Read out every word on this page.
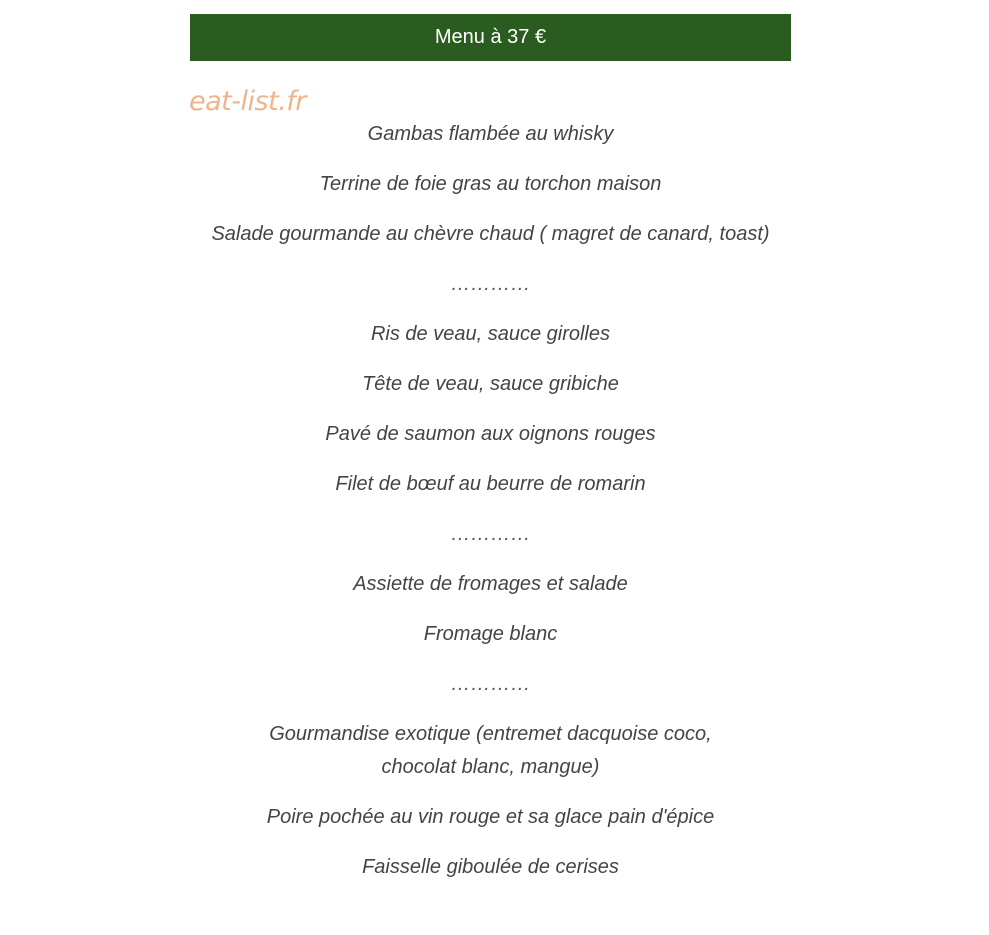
Menu à 37 €
eat-list.fr
Gambas flambée au whisky
Terrine de foie gras au torchon maison
Salade gourmande au chèvre chaud ( magret de canard, toast)
…………
Ris de veau, sauce girolles
Tête de veau, sauce gribiche
Pavé de saumon aux oignons rouges
Filet de bœuf au beurre de romarin
…………
Assiette de fromages et salade
Fromage blanc
…………
Gourmandise exotique (entremet dacquoise coco, chocolat blanc, mangue)
Poire pochée au vin rouge et sa glace pain d'épice
Faisselle giboulée de cerises
